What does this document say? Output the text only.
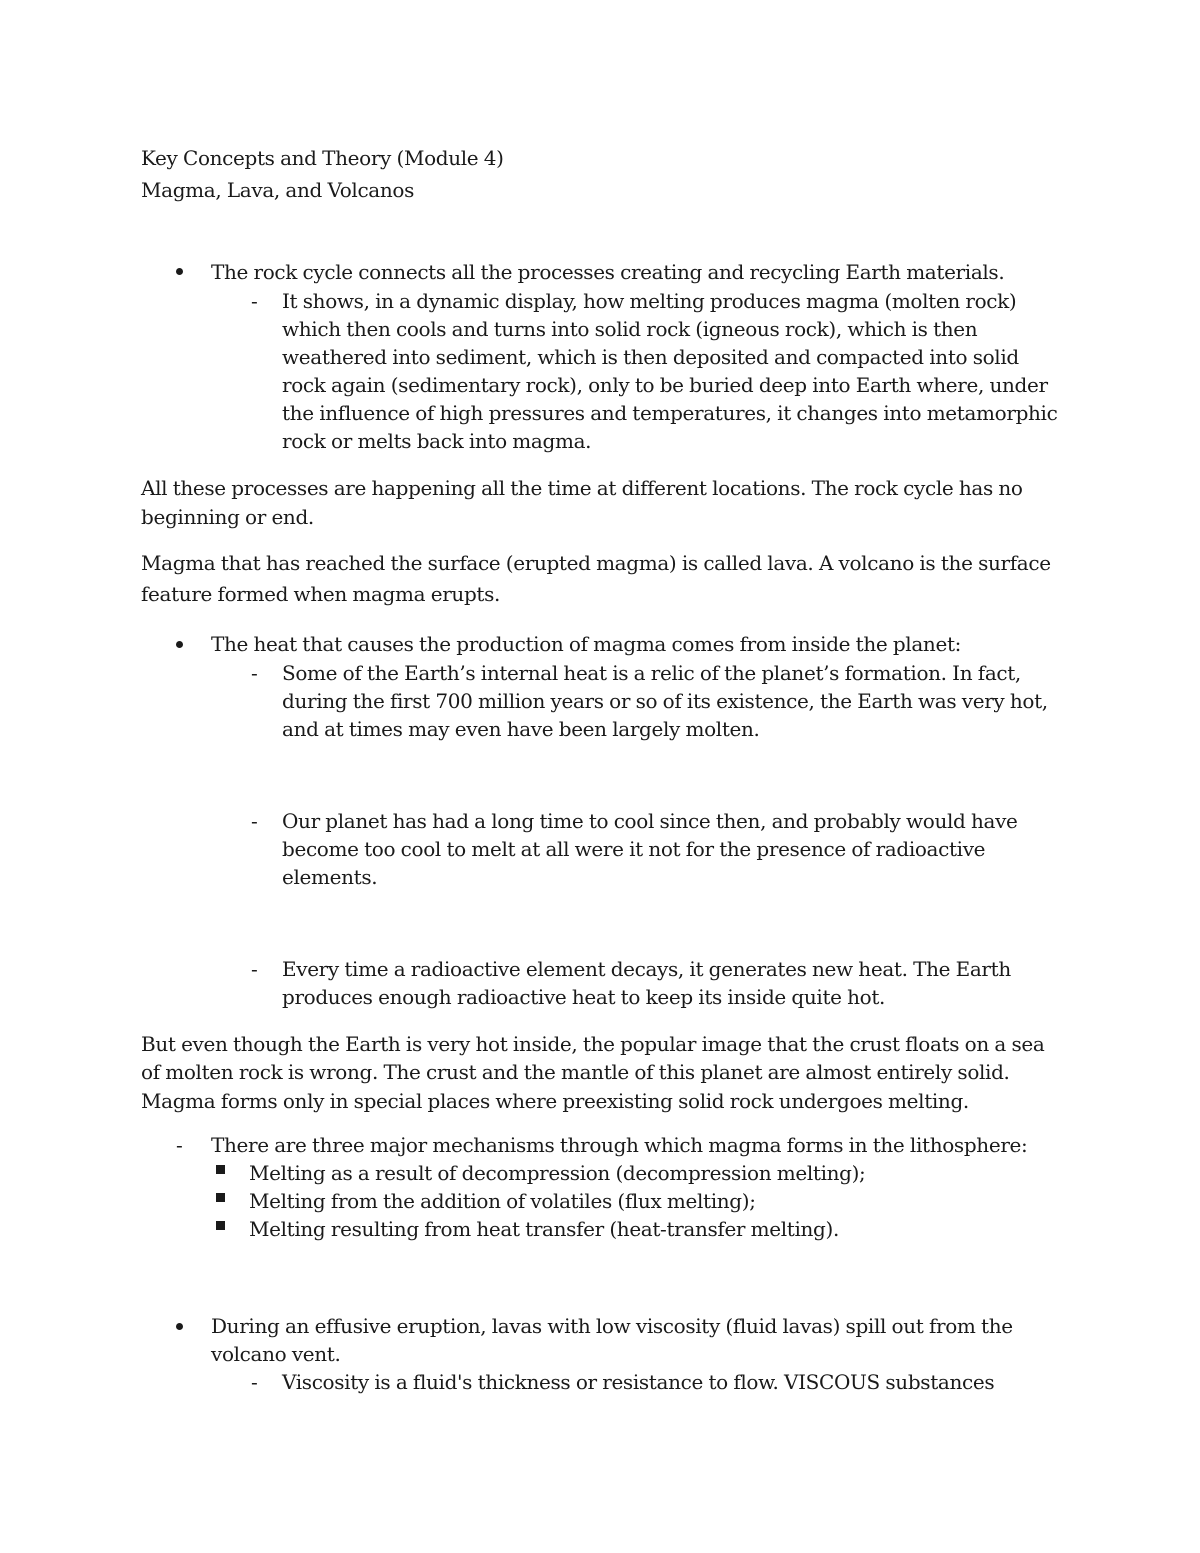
Key Concepts and Theory (Module 4)
Magma, Lava, and Volcanos
The rock cycle connects all the processes creating and recycling Earth materials.
- It shows, in a dynamic display, how melting produces magma (molten rock)
which then cools and turns into solid rock (igneous rock), which is then
weathered into sediment, which is then deposited and compacted into solid
rock again (sedimentary rock), only to be buried deep into Earth where, under
the influence of high pressures and temperatures, it changes into metamorphic
rock or melts back into magma.
All these processes are happening all the time at different locations. The rock cycle has no
beginning or end.
Magma that has reached the surface (erupted magma) is called lava. A volcano is the surface
feature formed when magma erupts.
The heat that causes the production of magma comes from inside the planet:
- Some of the Earth’s internal heat is a relic of the planet’s formation. In fact,
during the first 700 million years or so of its existence, the Earth was very hot,
and at times may even have been largely molten.
- Our planet has had a long time to cool since then, and probably would have
become too cool to melt at all were it not for the presence of radioactive
elements.
- Every time a radioactive element decays, it generates new heat. The Earth
produces enough radioactive heat to keep its inside quite hot.
But even though the Earth is very hot inside, the popular image that the crust floats on a sea
of molten rock is wrong. The crust and the mantle of this planet are almost entirely solid.
Magma forms only in special places where preexisting solid rock undergoes melting.
- There are three major mechanisms through which magma forms in the lithosphere:
Melting as a result of decompression (decompression melting);
Melting from the addition of volatiles (flux melting);
Melting resulting from heat transfer (heat-transfer melting).
During an effusive eruption, lavas with low viscosity (fluid lavas) spill out from the
volcano vent.
- Viscosity is a fluid's thickness or resistance to flow. VISCOUS substances
